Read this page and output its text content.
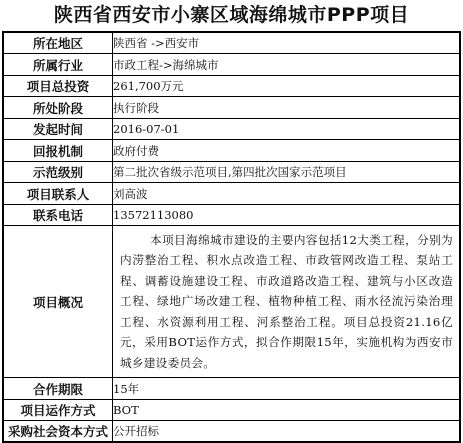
陕西省西安市小寨区域海绵城市PPP项目
所在地区	陕西省 ->西安市
所属行业	市政工程->海绵城市
项目总投资	261,700万元
所处阶段	执行阶段
发起时间	2016-07-01
回报机制	政府付费
示范级别	第二批次省级示范项目,第四批次国家示范项目
项目联系人	刘高波
联系电话	13572113080
项目概况	本项目海绵城市建设的主要内容包括12大类工程，分别为内涝整治工程、积水点改造工程、市政管网改造工程、泵站工程、调蓄设施建设工程、市政道路改造工程、建筑与小区改造工程、绿地广场改建工程、植物种植工程、雨水径流污染治理工程、水资源利用工程、河系整治工程。项目总投资21.16亿元，采用BOT运作方式，拟合作期限15年，实施机构为西安市城乡建设委员会。
合作期限	15年
项目运作方式	BOT
采购社会资本方式	公开招标
